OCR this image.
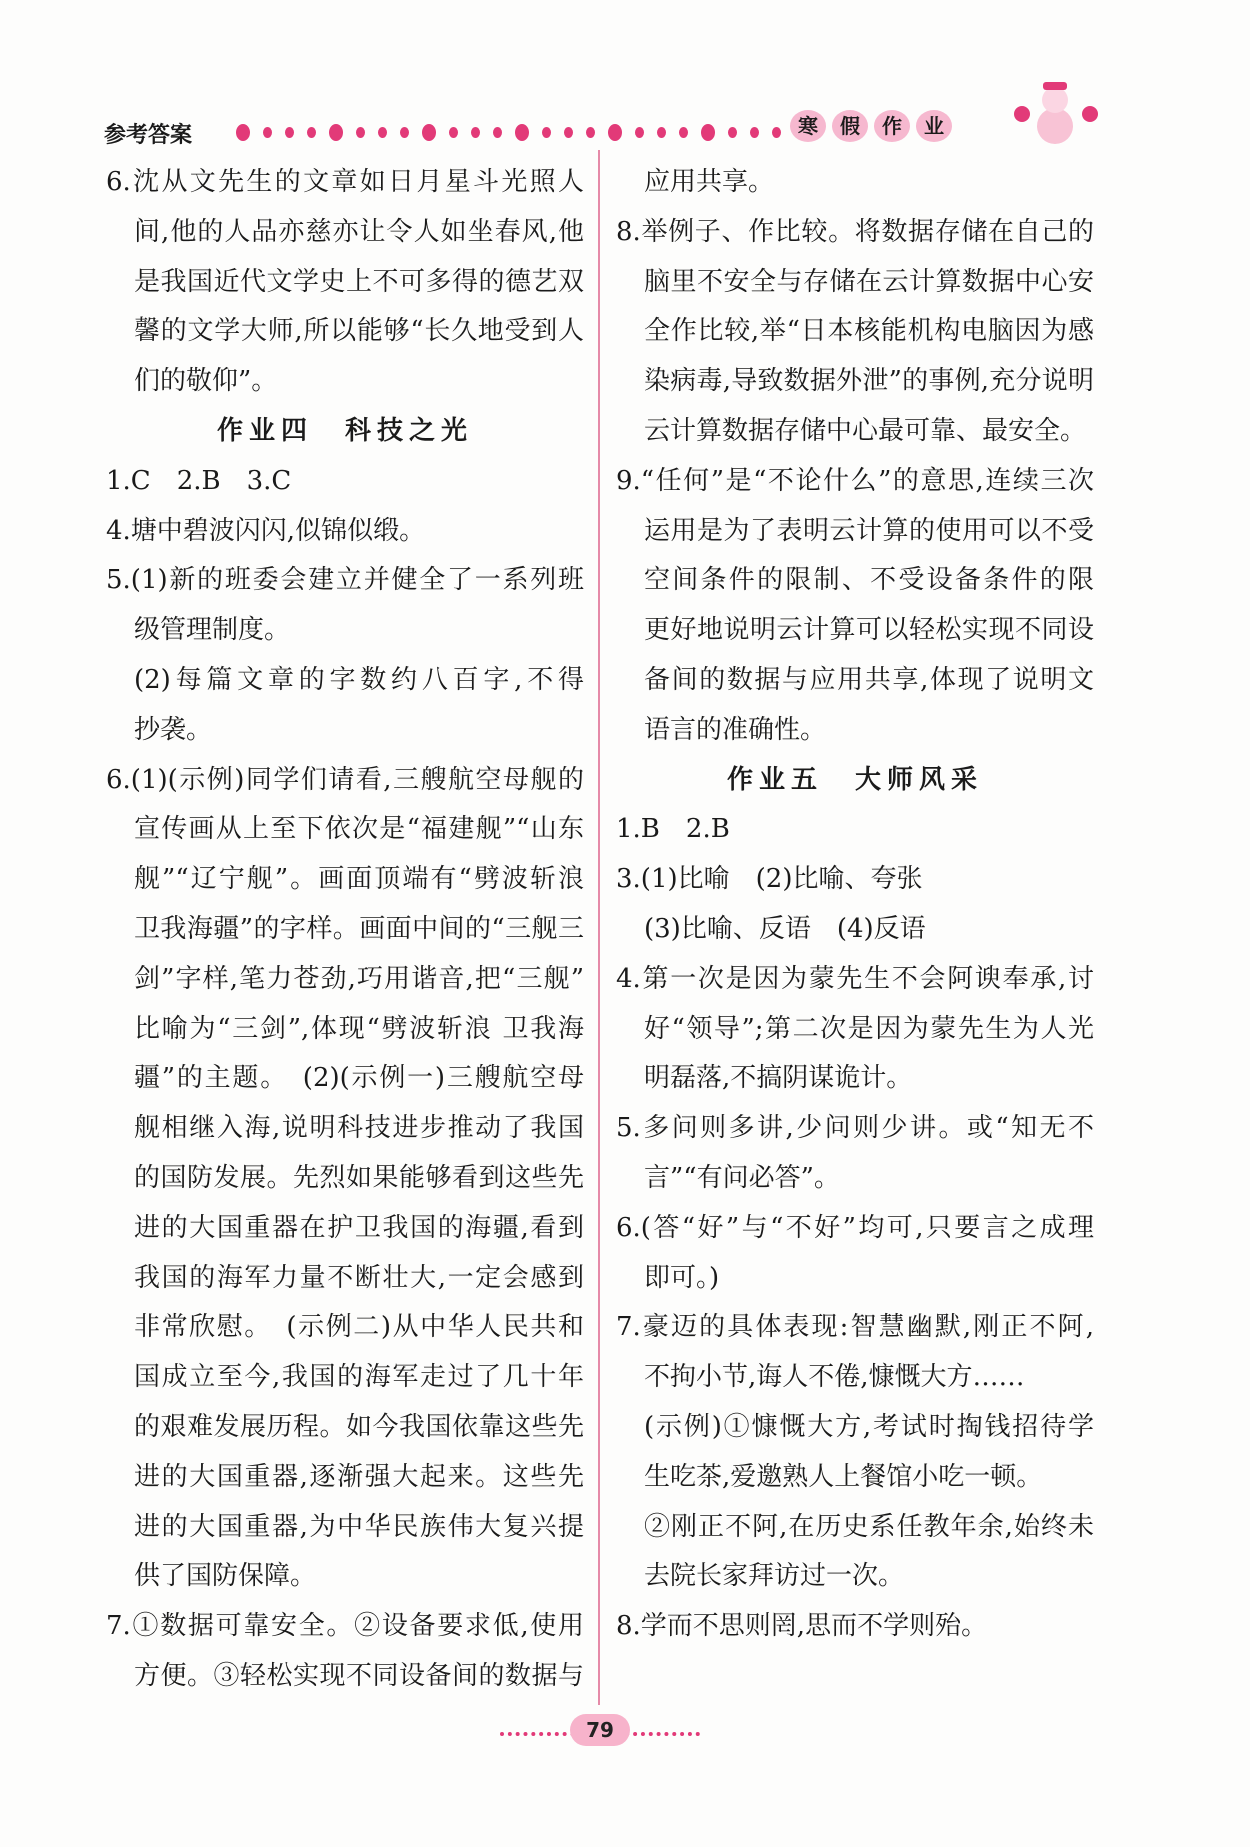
参考答案	寒	假	作	业
6.沈从文先生的文章如日月星斗光照人
间,他的人品亦慈亦让令人如坐春风,他
是我国近代文学史上不可多得的德艺双
馨的文学大师,所以能够“长久地受到人
们的敬仰”。
作业四　科技之光
1.C　2.B　3.C
4.塘中碧波闪闪,似锦似缎。
5.(1)新的班委会建立并健全了一系列班
级管理制度。
(2)每篇文章的字数约八百字,不得
抄袭。
6.(1)(示例)同学们请看,三艘航空母舰的
宣传画从上至下依次是“福建舰”“山东
舰”“辽宁舰”。画面顶端有“劈波斩浪
卫我海疆”的字样。画面中间的“三舰三
剑”字样,笔力苍劲,巧用谐音,把“三舰”
比喻为“三剑”,体现“劈波斩浪 卫我海
疆”的主题。　(2)(示例一)三艘航空母
舰相继入海,说明科技进步推动了我国
的国防发展。先烈如果能够看到这些先
进的大国重器在护卫我国的海疆,看到
我国的海军力量不断壮大,一定会感到
非常欣慰。　(示例二)从中华人民共和
国成立至今,我国的海军走过了几十年
的艰难发展历程。如今我国依靠这些先
进的大国重器,逐渐强大起来。这些先
进的大国重器,为中华民族伟大复兴提
供了国防保障。
7.①数据可靠安全。②设备要求低,使用
方便。③轻松实现不同设备间的数据与
应用共享。
8.举例子、作比较。将数据存储在自己的
脑里不安全与存储在云计算数据中心安
全作比较,举“日本核能机构电脑因为感
染病毒,导致数据外泄”的事例,充分说明
云计算数据存储中心最可靠、最安全。
9.“任何”是“不论什么”的意思,连续三次
运用是为了表明云计算的使用可以不受
空间条件的限制、不受设备条件的限
更好地说明云计算可以轻松实现不同设
备间的数据与应用共享,体现了说明文
语言的准确性。
作业五　大师风采
1.B　2.B
3.(1)比喻　(2)比喻、夸张
(3)比喻、反语　(4)反语
4.第一次是因为蒙先生不会阿谀奉承,讨
好“领导”;第二次是因为蒙先生为人光
明磊落,不搞阴谋诡计。
5.多问则多讲,少问则少讲。或“知无不
言”“有问必答”。
6.(答“好”与“不好”均可,只要言之成理
即可。)
7.豪迈的具体表现:智慧幽默,刚正不阿,
不拘小节,诲人不倦,慷慨大方……
(示例)①慷慨大方,考试时掏钱招待学
生吃茶,爱邀熟人上餐馆小吃一顿。
②刚正不阿,在历史系任教年余,始终未
去院长家拜访过一次。
8.学而不思则罔,思而不学则殆。
79
